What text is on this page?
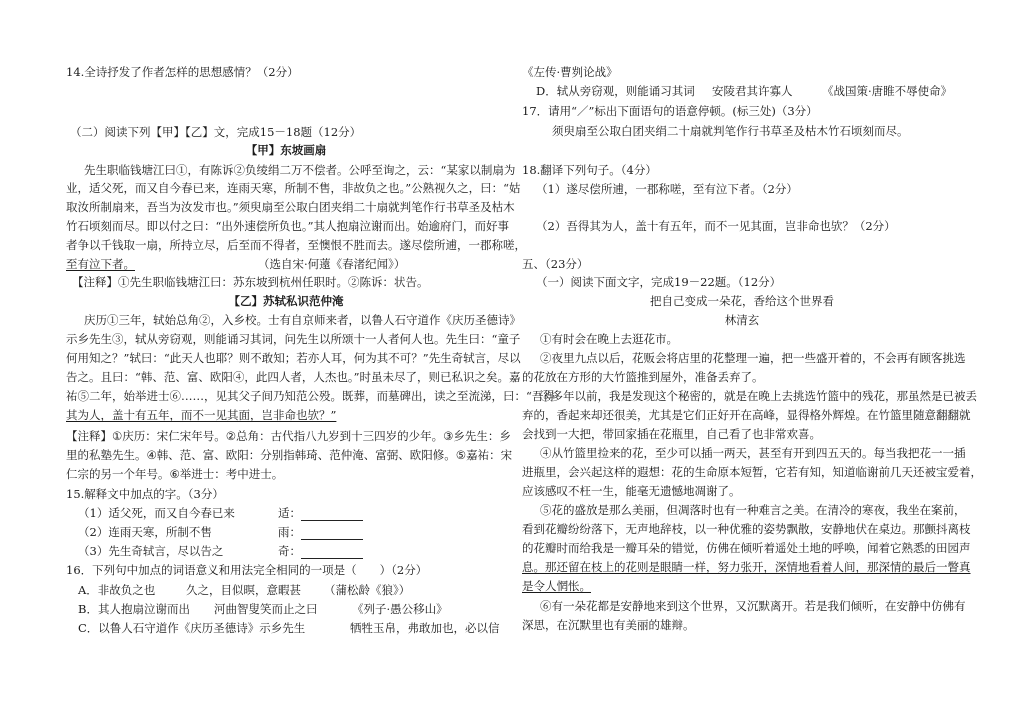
14.全诗抒发了作者怎样的思想感情？（2分）
（二）阅读下列【甲】【乙】文，完成15－18题（12分）
【甲】东坡画扇
先生职临钱塘江曰①，有陈诉②负绫绢二万不偿者。公呼至询之，云：“某家以制扇为
业，适父死，而又自今春已来，连雨天寒，所制不售，非故负之也。”公熟视久之，曰：“姑
取汝所制扇来，吾当为汝发市也。”须臾扇至公取白团夹绢二十扇就判笔作行书草圣及枯木
竹石顷刻而尽。即以付之曰：“出外速偿所负也。”其人抱扇泣谢而出。始逾府门，而好事
者争以千钱取一扇，所持立尽，后至而不得者，至懊恨不胜而去。遂尽偿所逋，一郡称嗟，
至有泣下者。	（选自宋·何薳《春渚纪闻》）
【注释】①先生职临钱塘江曰：苏东坡到杭州任职时。②陈诉：状告。
【乙】苏轼私识范仲淹
庆历①三年，轼始总角②，入乡校。士有自京师来者，以鲁人石守道作《庆历圣德诗》
示乡先生③，轼从旁窃观，则能诵习其词，问先生以所颂十一人者何人也。先生曰：“童子
何用知之？”轼曰：“此天人也耶？则不敢知；若亦人耳，何为其不可？”先生奇轼言，尽以
告之。且曰：“韩、范、富、欧阳④，此四人者，人杰也。”时虽未尽了，则已私识之矣。嘉
祐⑤二年，始举进士⑥……，见其父子间乃知范公殁。既葬，而墓碑出，读之至流涕，曰：“吾得
其为人，盖十有五年，而不一见其面，岂非命也欤？”
【注释】①庆历：宋仁宋年号。②总角：古代指八九岁到十三四岁的少年。③乡先生：乡
里的私塾先生。④韩、范、富、欧阳：分别指韩琦、范仲淹、富弼、欧阳修。⑤嘉祐：宋
仁宗的另一个年号。⑥举进士：考中进士。
15.解释文中加点的字。（3分）
（1）适父死，而又自今春已来	适：
（2）连雨天寒，所制不售	雨：
（3）先生奇轼言，尽以告之	奇：
16．下列句中加点的词语意义和用法完全相同的一项是（　　）（2分）
A．非故负之也	久之，目似暝，意暇甚 （蒲松龄《狼》）
B．其人抱扇泣谢而出 河曲智叟笑而止之曰	《列子·愚公移山》
C．以鲁人石守道作《庆历圣德诗》示乡先生	牺牲玉帛，弗敢加也，必以信
《左传·曹刿论战》
D．轼从旁窃观，则能诵习其词 安陵君其许寡人	《战国策·唐睢不辱使命》
17．请用“／”标出下面语句的语意停顿。(标三处)（3分）
须臾扇至公取白团夹绢二十扇就判笔作行书草圣及枯木竹石顷刻而尽。
18.翻译下列句子。（4分）
（1）遂尽偿所逋，一郡称嗟，至有泣下者。（2分）
（2）吾得其为人，盖十有五年，而不一见其面，岂非命也欤？（2分）
五、（23分）
（一）阅读下面文字，完成19－22题。（12分）
把自己变成一朵花，香给这个世界看
林清玄
①有时会在晚上去逛花市。
②夜里九点以后，花贩会将店里的花整理一遍，把一些盛开着的，不会再有顾客挑选
的花放在方形的大竹篮推到屋外，准备丢弃了。
③多年以前，我是发现这个秘密的，就是在晚上去挑选竹篮中的残花，那虽然是已被丢
弃的，香起来却还很美，尤其是它们正好开在高峰，显得格外辉煌。在竹篮里随意翻翻就
会找到一大把，带回家插在花瓶里，自己看了也非常欢喜。
④从竹篮里捡来的花，至少可以插一两天，甚至有开到四五天的。每当我把花一一插
进瓶里，会兴起这样的遐想：花的生命原本短暂，它若有知，知道临谢前几天还被宝爱着，
应该感叹不枉一生，能毫无遗憾地凋谢了。
⑤花的盛放是那么美丽，但凋落时也有一种难言之美。在清冷的寒夜，我坐在案前，
看到花瓣纷纷落下，无声地辞枝，以一种优雅的姿势飘散，安静地伏在桌边。那颤抖离枝
的花瓣时而给我是一瓣耳朵的错觉，仿佛在倾听着遥处土地的呼唤，闻着它熟悉的田园声
息。那还留在枝上的花则是眼睛一样，努力张开，深情地看着人间，那深情的最后一瞥真
是令人惘怅。
⑥有一朵花都是安静地来到这个世界，又沉默离开。若是我们倾听，在安静中仿佛有
深思，在沉默里也有美丽的雄辩。
